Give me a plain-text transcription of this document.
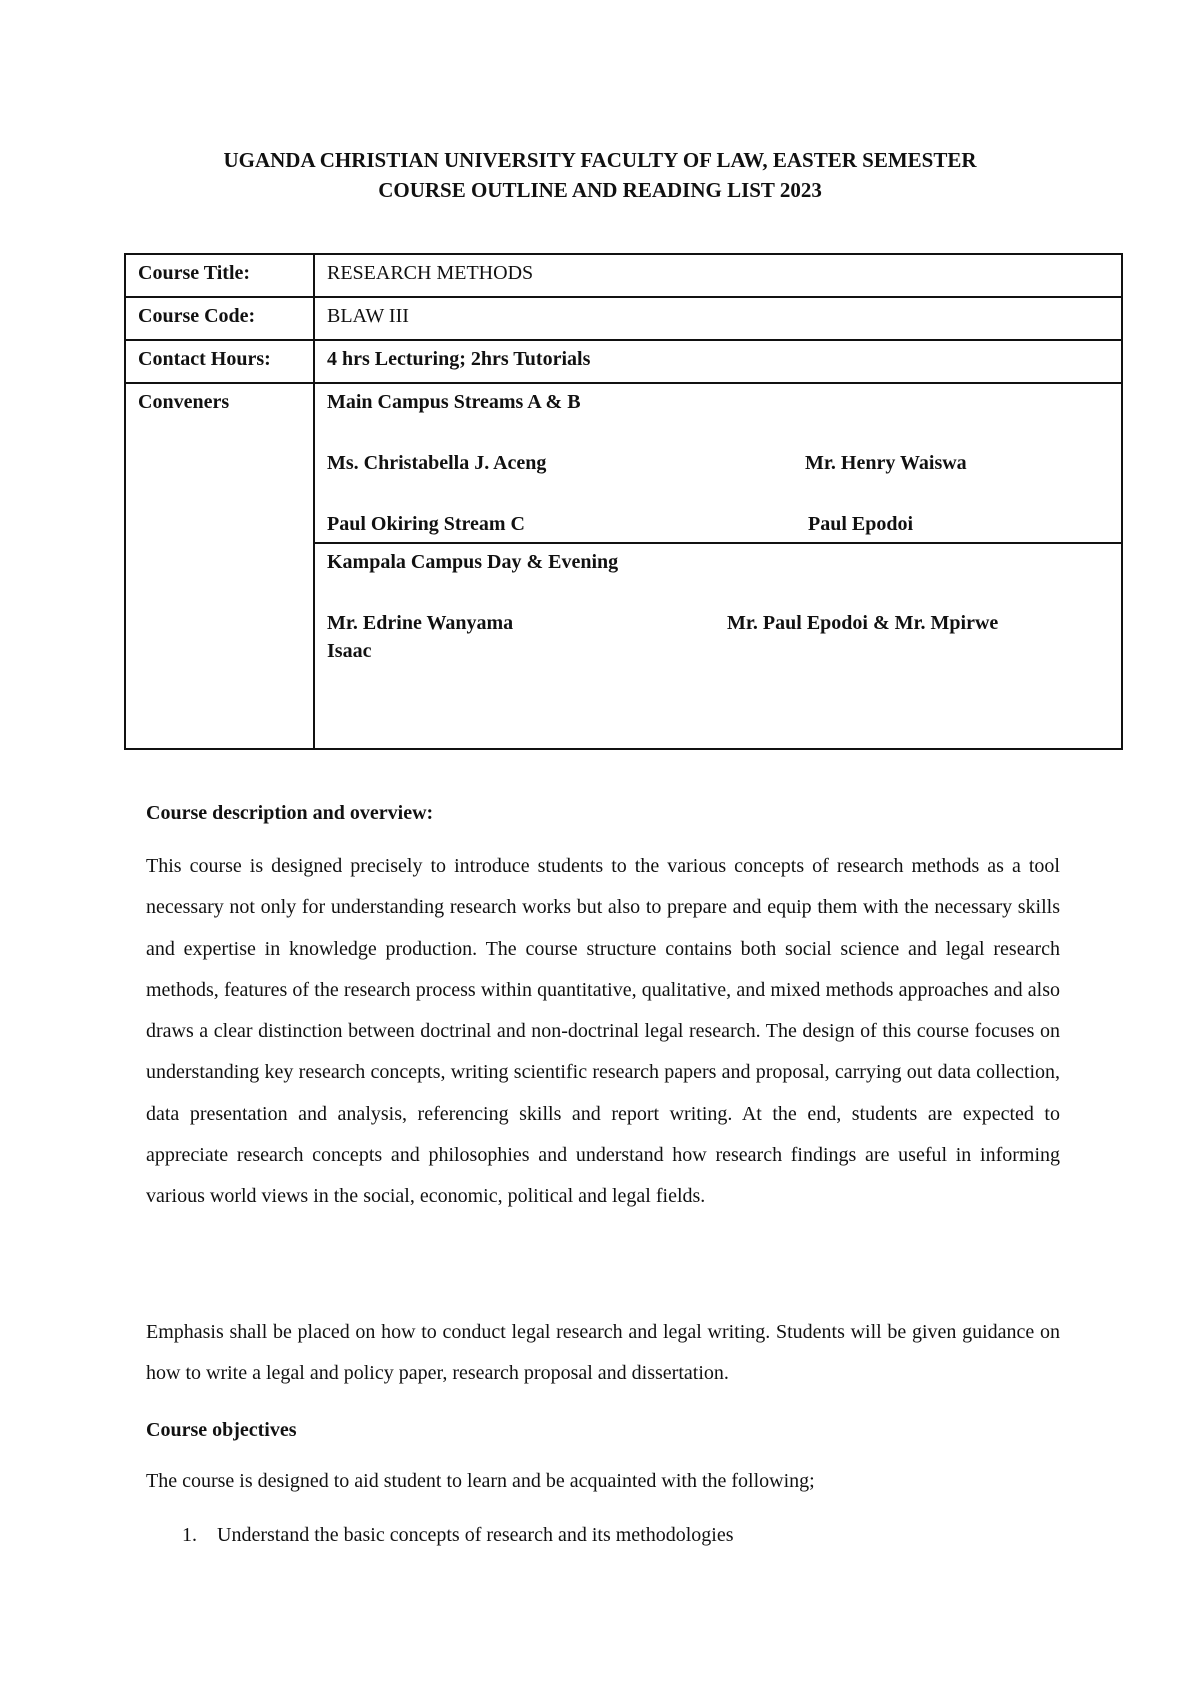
UGANDA CHRISTIAN UNIVERSITY FACULTY OF LAW, EASTER SEMESTER
COURSE OUTLINE AND READING LIST 2023
Course Title:	RESEARCH METHODS
Course Code:	BLAW III
Contact Hours:	4 hrs Lecturing; 2hrs Tutorials
Conveners	Main Campus Streams A & B
Ms. Christabella J. Aceng Mr. Henry Waiswa
Paul Okiring Stream C Paul Epodoi

	Kampala Campus Day & Evening
Mr. Edrine Wanyama Mr. Paul Epodoi & Mr. Mpirwe
Isaac
Course description and overview:
This course is designed precisely to introduce students to the various concepts of research methods as a tool necessary not only for understanding research works but also to prepare and equip them with the necessary skills and expertise in knowledge production. The course structure contains both social science and legal research methods, features of the research process within quantitative, qualitative, and mixed methods approaches and also draws a clear distinction between doctrinal and non-doctrinal legal research. The design of this course focuses on understanding key research concepts, writing scientific research papers and proposal, carrying out data collection, data presentation and analysis, referencing skills and report writing. At the end, students are expected to appreciate research concepts and philosophies and understand how research findings are useful in informing various world views in the social, economic, political and legal fields.
Emphasis shall be placed on how to conduct legal research and legal writing. Students will be given guidance on how to write a legal and policy paper, research proposal and dissertation.
Course objectives
The course is designed to aid student to learn and be acquainted with the following;
1. Understand the basic concepts of research and its methodologies
